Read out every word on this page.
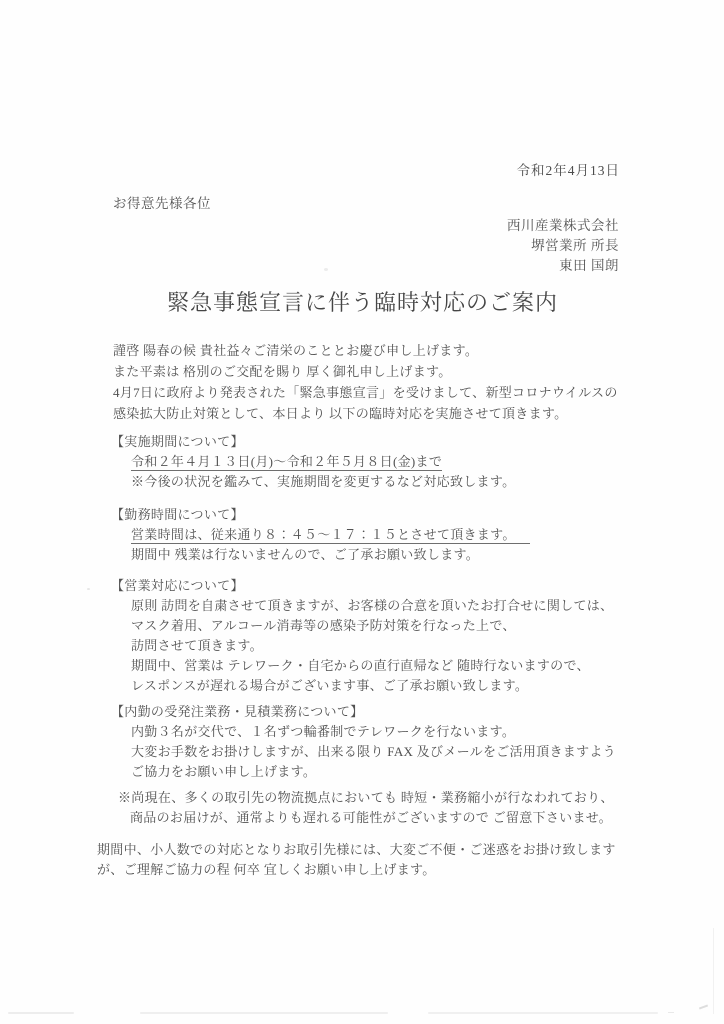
令和2年4月13日
お得意先様各位
西川産業株式会社
堺営業所 所長
東田 国朗
緊急事態宣言に伴う臨時対応のご案内
謹啓 陽春の候 貴社益々ご清栄のこととお慶び申し上げます。
また平素は 格別のご交配を賜り 厚く御礼申し上げます。
4月7日に政府より発表された「緊急事態宣言」を受けまして、新型コロナウイルスの
感染拡大防止対策として、本日より 以下の臨時対応を実施させて頂きます。
【実施期間について】
令和２年４月１３日(月)～令和２年５月８日(金)まで
※今後の状況を鑑みて、実施期間を変更するなど対応致します。
【勤務時間について】
営業時間は、従来通り８：４５～１７：１５とさせて頂きます。
期間中 残業は行ないませんので、ご了承お願い致します。
【営業対応について】
原則 訪問を自粛させて頂きますが、お客様の合意を頂いたお打合せに関しては、
マスク着用、アルコール消毒等の感染予防対策を行なった上で、
訪問させて頂きます。
期間中、営業は テレワーク・自宅からの直行直帰など 随時行ないますので、
レスポンスが遅れる場合がございます事、ご了承お願い致します。
【内勤の受発注業務・見積業務について】
内勤３名が交代で、１名ずつ輪番制でテレワークを行ないます。
大変お手数をお掛けしますが、出来る限り FAX 及びメールをご活用頂きますよう
ご協力をお願い申し上げます。
※尚現在、多くの取引先の物流拠点においても 時短・業務縮小が行なわれており、
商品のお届けが、通常よりも遅れる可能性がございますので ご留意下さいませ。
期間中、小人数での対応となりお取引先様には、大変ご不便・ご迷惑をお掛け致します
が、ご理解ご協力の程 何卒 宜しくお願い申し上げます。
